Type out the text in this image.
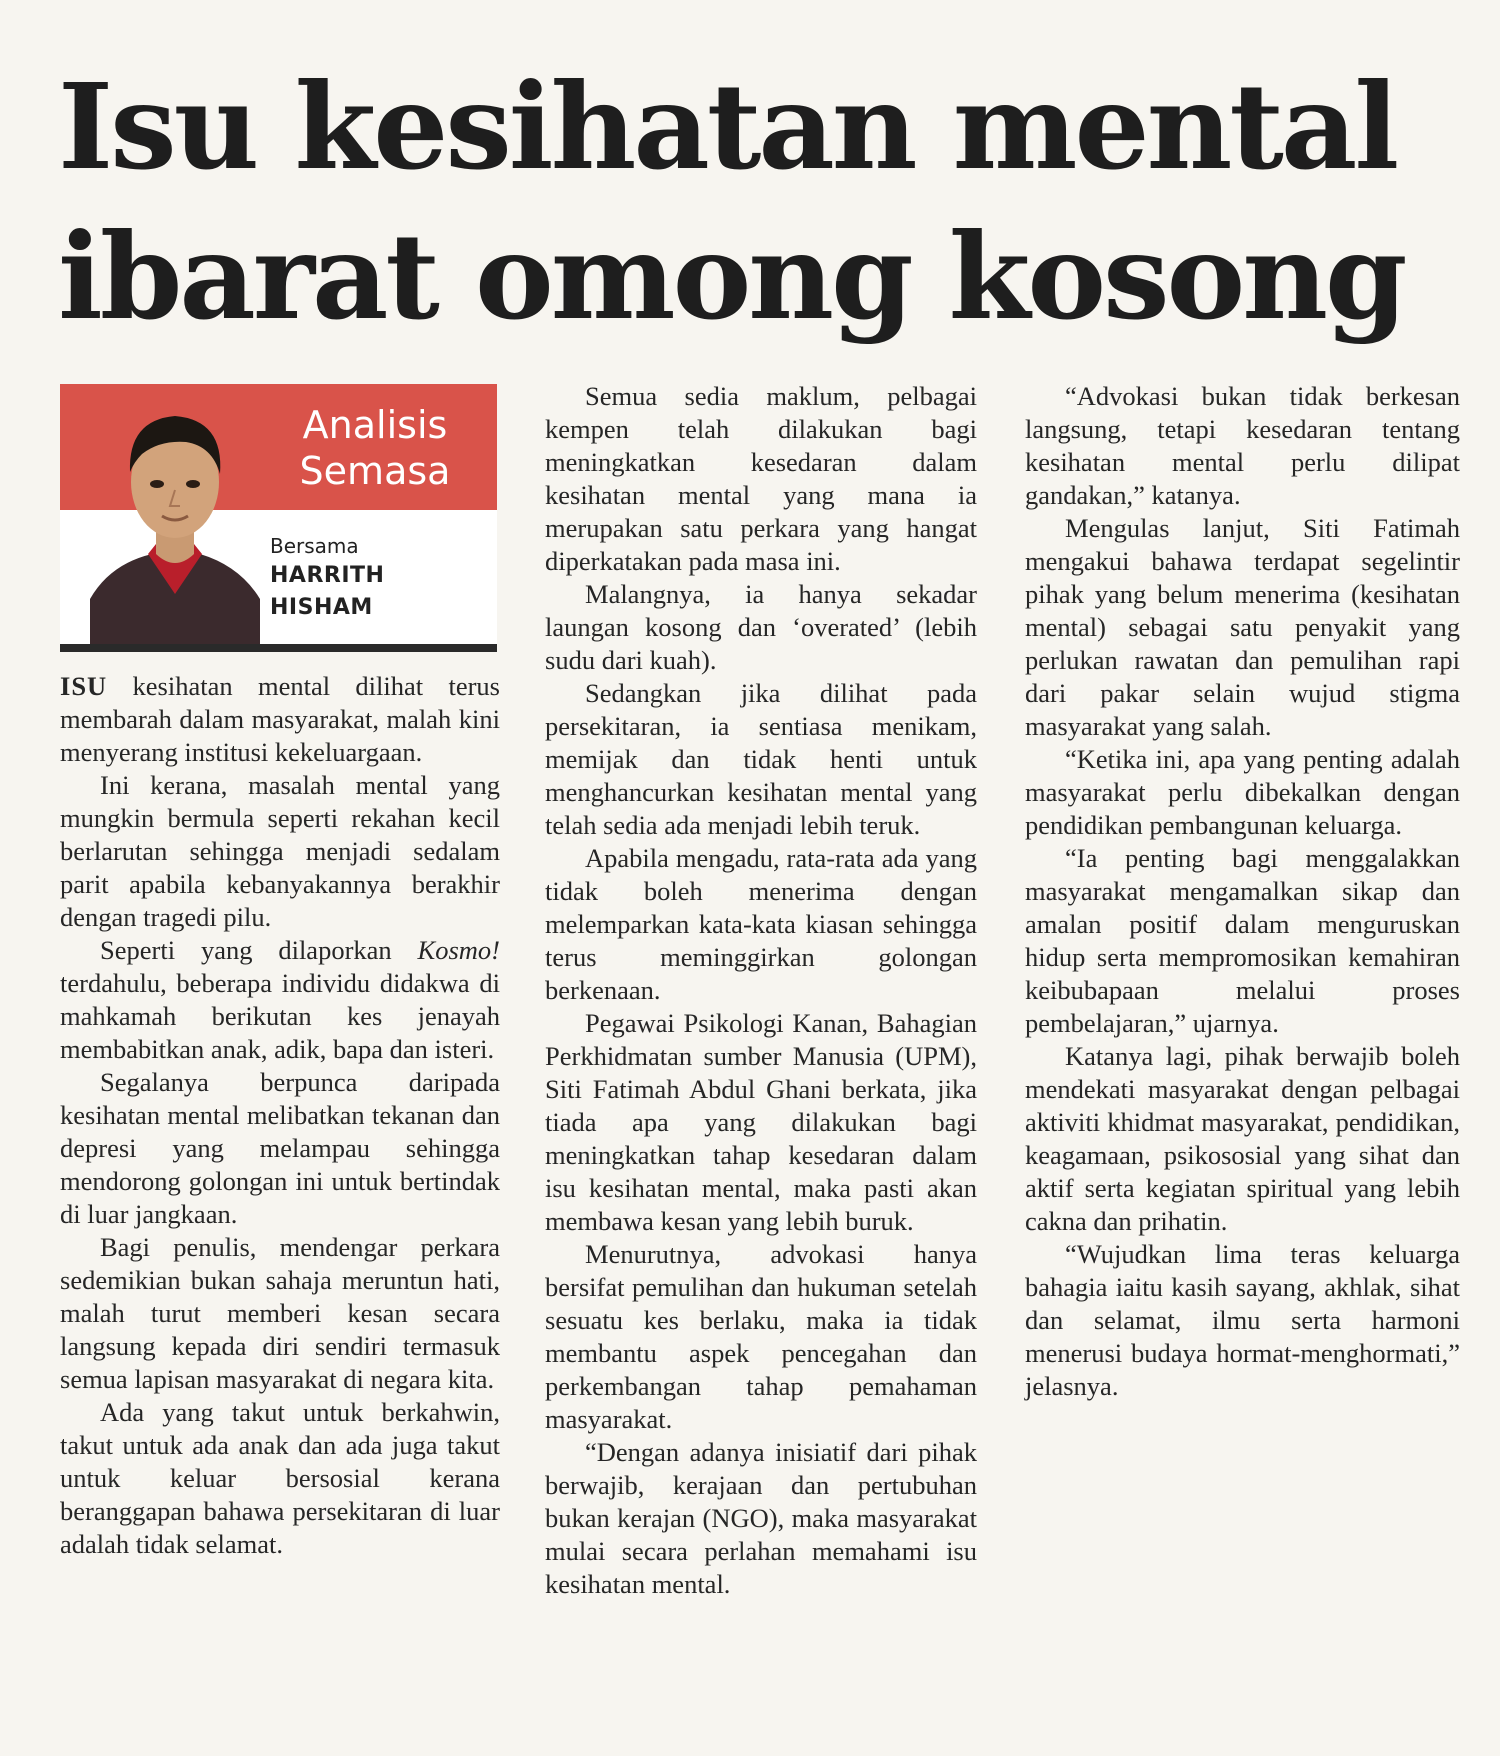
Isu kesihatan mental
ibarat omong kosong
Analisis
Semasa
Bersama
HARRITH HISHAM

ISU kesihatan mental dilihat terus membarah dalam masyarakat, malah kini menyerang institusi kekeluargaan.

Ini kerana, masalah mental yang mungkin bermula seperti rekahan kecil berlarutan sehingga menjadi sedalam parit apabila kebanyakannya berakhir dengan tragedi pilu.

Seperti yang dilaporkan Kosmo! terdahulu, beberapa individu didakwa di mahkamah berikutan kes jenayah membabitkan anak, adik, bapa dan isteri.

Segalanya berpunca daripada kesihatan mental melibatkan tekanan dan depresi yang melampau sehingga mendorong golongan ini untuk bertindak di luar jangkaan.

Bagi penulis, mendengar perkara sedemikian bukan sahaja meruntun hati, malah turut memberi kesan secara langsung kepada diri sendiri termasuk semua lapisan masyarakat di negara kita.

Ada yang takut untuk berkahwin, takut untuk ada anak dan ada juga takut untuk keluar bersosial kerana beranggapan bahawa persekitaran di luar adalah tidak selamat.

Semua sedia maklum, pelbagai kempen telah dilakukan bagi meningkatkan kesedaran dalam kesihatan mental yang mana ia merupakan satu perkara yang hangat diperkatakan pada masa ini.

Malangnya, ia hanya sekadar laungan kosong dan ‘overated’ (lebih sudu dari kuah).

Sedangkan jika dilihat pada persekitaran, ia sentiasa menikam, memijak dan tidak henti untuk menghancurkan kesihatan mental yang telah sedia ada menjadi lebih teruk.

Apabila mengadu, rata-rata ada yang tidak boleh menerima dengan melemparkan kata-kata kiasan sehingga terus meminggirkan golongan berkenaan.

Pegawai Psikologi Kanan, Bahagian Perkhidmatan sumber Manusia (UPM), Siti Fatimah Abdul Ghani berkata, jika tiada apa yang dilakukan bagi meningkatkan tahap kesedaran dalam isu kesihatan mental, maka pasti akan membawa kesan yang lebih buruk.

Menurutnya, advokasi hanya bersifat pemulihan dan hukuman setelah sesuatu kes berlaku, maka ia tidak membantu aspek pencegahan dan perkembangan tahap pemahaman masyarakat.

“Dengan adanya inisiatif dari pihak berwajib, kerajaan dan pertubuhan bukan kerajan (NGO), maka masyarakat mulai secara perlahan memahami isu kesihatan mental.

“Advokasi bukan tidak berkesan langsung, tetapi kesedaran tentang kesihatan mental perlu dilipat gandakan,” katanya.

Mengulas lanjut, Siti Fatimah mengakui bahawa terdapat segelintir pihak yang belum menerima (kesihatan mental) sebagai satu penyakit yang perlukan rawatan dan pemulihan rapi dari pakar selain wujud stigma masyarakat yang salah.

“Ketika ini, apa yang penting adalah masyarakat perlu dibekalkan dengan pendidikan pembangunan keluarga.

“Ia penting bagi menggalakkan masyarakat mengamalkan sikap dan amalan positif dalam menguruskan hidup serta mempromosikan kemahiran keibubapaan melalui proses pembelajaran,” ujarnya.

Katanya lagi, pihak berwajib boleh mendekati masyarakat dengan pelbagai aktiviti khidmat masyarakat, pendidikan, keagamaan, psikososial yang sihat dan aktif serta kegiatan spiritual yang lebih cakna dan prihatin.

“Wujudkan lima teras keluarga bahagia iaitu kasih sayang, akhlak, sihat dan selamat, ilmu serta harmoni menerusi budaya hormat-menghormati,” jelasnya.
